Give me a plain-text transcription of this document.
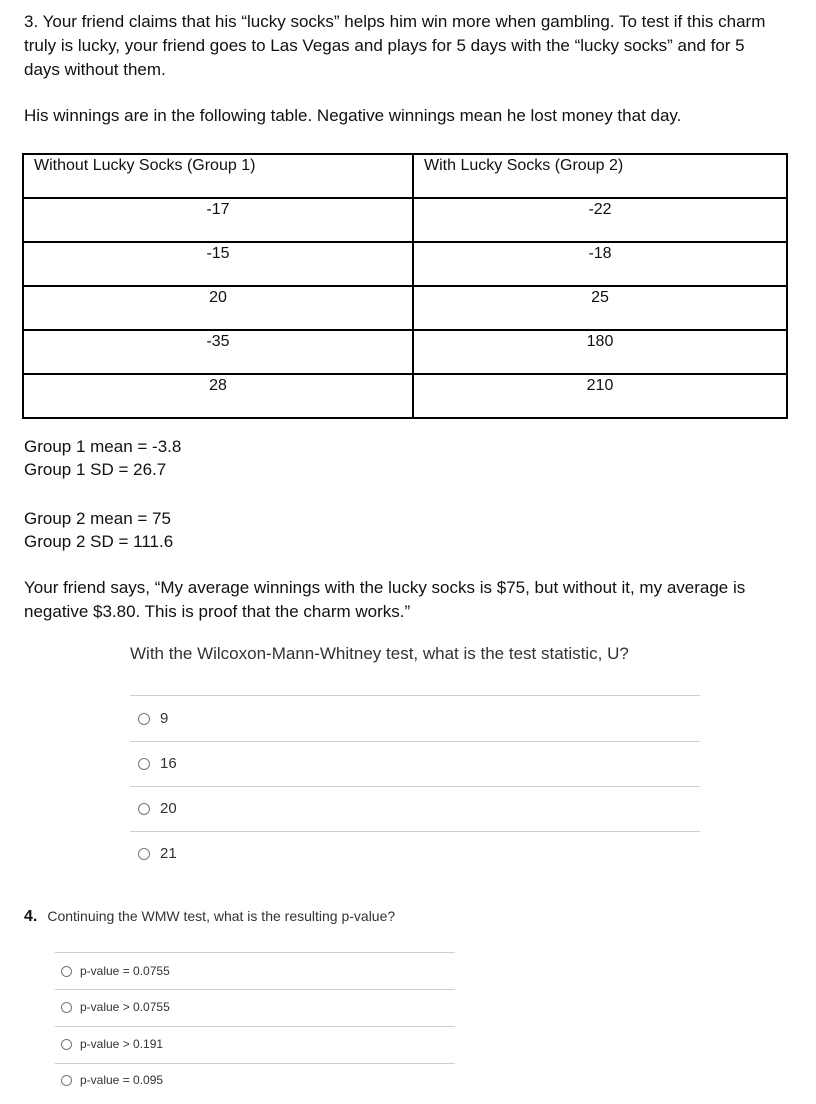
3. Your friend claims that his “lucky socks” helps him win more when gambling. To test if this charm truly is lucky, your friend goes to Las Vegas and plays for 5 days with the “lucky socks” and for 5 days without them.
His winnings are in the following table. Negative winnings mean he lost money that day.
Without Lucky Socks (Group 1)	With Lucky Socks (Group 2)
-17	-22
-15	-18
20	25
-35	180
28	210
Group 1 mean = -3.8
Group 1 SD = 26.7
Group 2 mean = 75
Group 2 SD = 111.6
Your friend says, “My average winnings with the lucky socks is $75, but without it, my average is negative $3.80. This is proof that the charm works.”
With the Wilcoxon-Mann-Whitney test, what is the test statistic, U?
9
16
20
21
4. Continuing the WMW test, what is the resulting p-value?
p-value = 0.0755
p-value > 0.0755
p-value > 0.191
p-value = 0.095
